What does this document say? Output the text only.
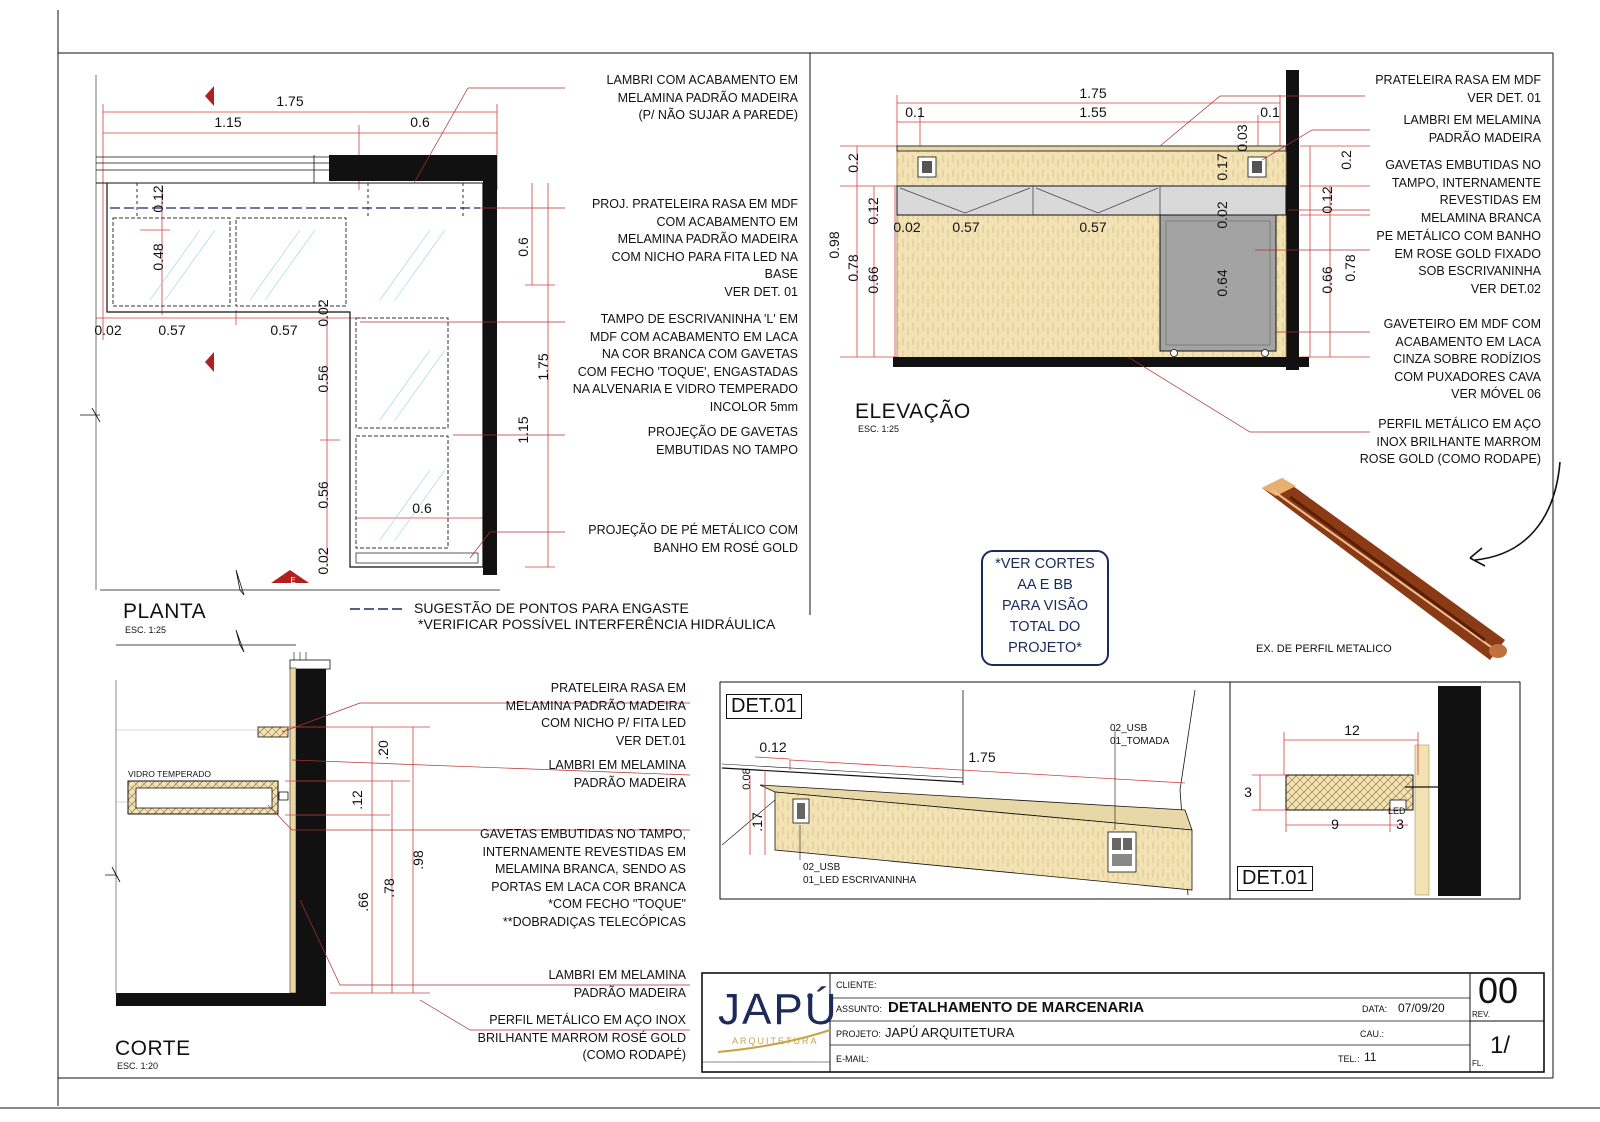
1.75
1.15	0.6
0.12
0.48
0.02	0.57	0.57
0.02
0.6
1.75
1.15
0.56
0.56	0.6
0.02
E
1.75
0.1	1.55	0.1
0.2
0.12
0.98
0.78 0.66
0.02 0.57	0.57
0.17
0.03
0.02
0.64
0.2
0.12
0.66 0.78
.20
.12
.98
.78
.66
VIDRO TEMPERADO
0.12
1.75
0.08
.17
02_USB
01_TOMADA
02_USB
01_LED ESCRIVANINHA
12
3
9	3
LED
LAMBRI COM ACABAMENTO EM
MELAMINA PADRÃO MADEIRA
(P/ NÃO SUJAR A PAREDE)
PROJ. PRATELEIRA RASA EM MDF
COM ACABAMENTO EM
MELAMINA PADRÃO MADEIRA
COM NICHO PARA FITA LED NA
BASE
VER DET. 01
TAMPO DE ESCRIVANINHA 'L' EM
MDF COM ACABAMENTO EM LACA
NA COR BRANCA COM GAVETAS
COM FECHO 'TOQUE', ENGASTADAS
NA ALVENARIA E VIDRO TEMPERADO
INCOLOR 5mm
PROJEÇÃO DE GAVETAS
EMBUTIDAS NO TAMPO
PROJEÇÃO DE PÉ METÁLICO COM
BANHO EM ROSÉ GOLD
PLANTA
ESC. 1:25
SUGESTÃO DE PONTOS PARA ENGASTE
*VERIFICAR POSSÍVEL INTERFERÊNCIA HIDRÁULICA
ELEVAÇÃO
ESC. 1:25
PRATELEIRA RASA EM MDF
VER DET. 01
LAMBRI EM MELAMINA
PADRÃO MADEIRA
GAVETAS EMBUTIDAS NO
TAMPO, INTERNAMENTE
REVESTIDAS EM
MELAMINA BRANCA
PE METÁLICO COM BANHO
EM ROSE GOLD FIXADO
SOB ESCRIVANINHA
VER DET.02
GAVETEIRO EM MDF COM
ACABAMENTO EM LACA
CINZA SOBRE RODÍZIOS
COM PUXADORES CAVA
VER MÓVEL 06
PERFIL METÁLICO EM AÇO
INOX BRILHANTE MARROM
ROSE GOLD (COMO RODAPE)
EX. DE PERFIL METALICO
*VER CORTES
AA E BB
PARA VISÃO
TOTAL DO
PROJETO*
PRATELEIRA RASA EM
MELAMINA PADRÃO MADEIRA
COM NICHO P/ FITA LED
VER DET.01
LAMBRI EM MELAMINA
PADRÃO MADEIRA
GAVETAS EMBUTIDAS NO TAMPO,
INTERNAMENTE REVESTIDAS EM
MELAMINA BRANCA, SENDO AS
PORTAS EM LACA COR BRANCA
*COM FECHO "TOQUE"
**DOBRADIÇAS TELECÓPICAS
LAMBRI EM MELAMINA
PADRÃO MADEIRA
PERFIL METÁLICO EM AÇO INOX
BRILHANTE MARROM ROSÉ GOLD
(COMO RODAPÉ)
CORTE
ESC. 1:20
DET.01
DET.01
JAPÚ
ARQUITETURA
CLIENTE:
ASSUNTO: DETALHAMENTO DE MARCENARIA	DATA: 07/09/20
PROJETO: JAPÚ ARQUITETURA	CAU.:
E-MAIL:	TEL.: 11
00
REV.
1/
FL.
